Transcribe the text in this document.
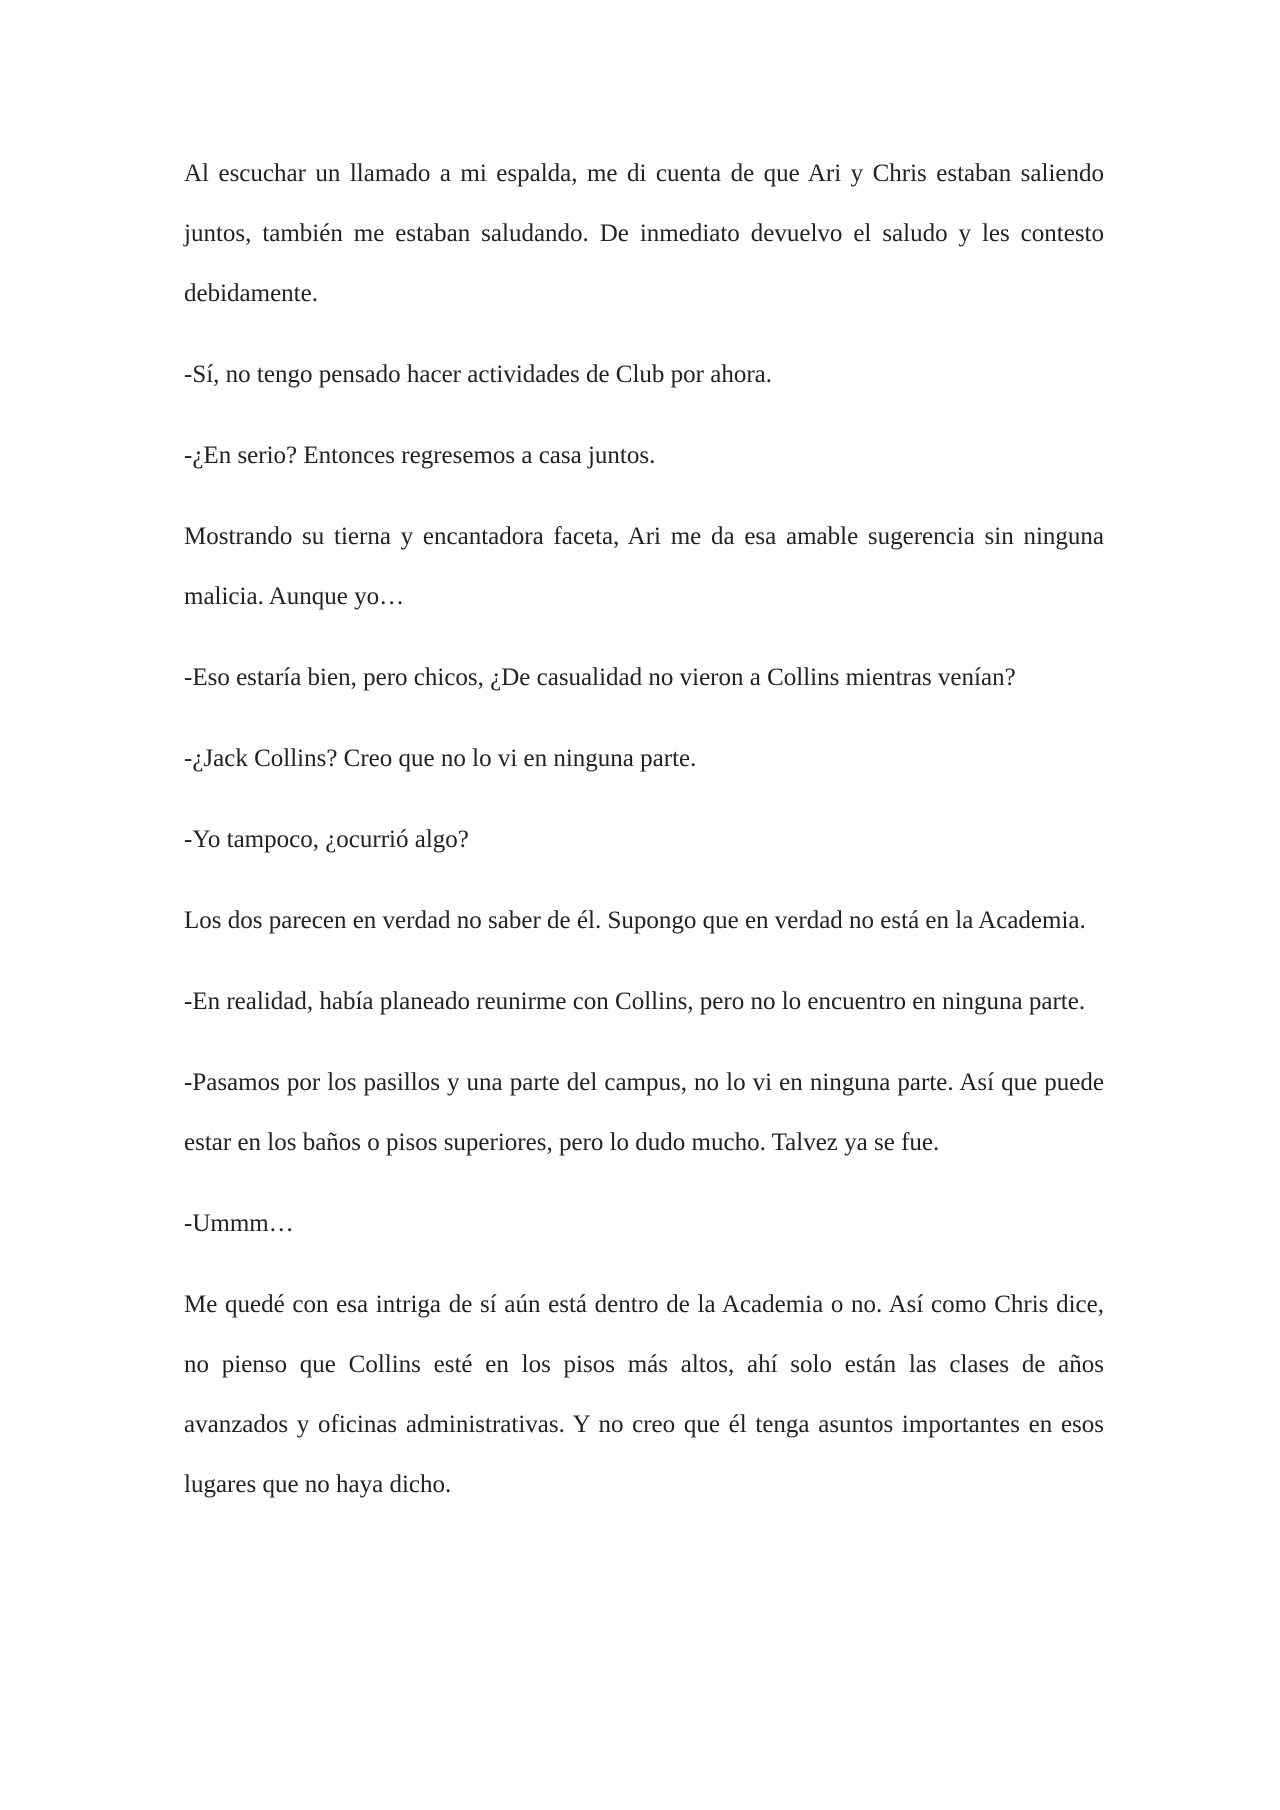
Al escuchar un llamado a mi espalda, me di cuenta de que Ari y Chris estaban saliendo juntos, también me estaban saludando. De inmediato devuelvo el saludo y les contesto debidamente.

-Sí, no tengo pensado hacer actividades de Club por ahora.

-¿En serio? Entonces regresemos a casa juntos.

Mostrando su tierna y encantadora faceta, Ari me da esa amable sugerencia sin ninguna malicia. Aunque yo…

-Eso estaría bien, pero chicos, ¿De casualidad no vieron a Collins mientras venían?

-¿Jack Collins? Creo que no lo vi en ninguna parte.

-Yo tampoco, ¿ocurrió algo?

Los dos parecen en verdad no saber de él. Supongo que en verdad no está en la Academia.

-En realidad, había planeado reunirme con Collins, pero no lo encuentro en ninguna parte.

-Pasamos por los pasillos y una parte del campus, no lo vi en ninguna parte. Así que puede estar en los baños o pisos superiores, pero lo dudo mucho. Talvez ya se fue.

-Ummm…

Me quedé con esa intriga de sí aún está dentro de la Academia o no. Así como Chris dice, no pienso que Collins esté en los pisos más altos, ahí solo están las clases de años avanzados y oficinas administrativas. Y no creo que él tenga asuntos importantes en esos lugares que no haya dicho.
